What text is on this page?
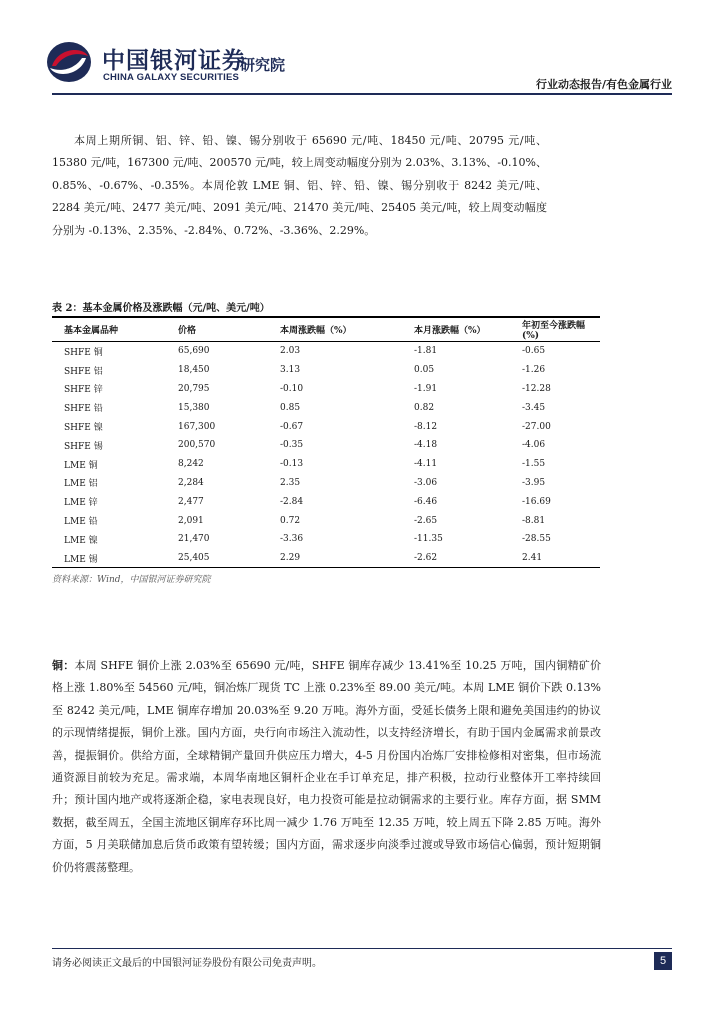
中国银河证券
CHINA GALAXY SECURITIES
研究院
行业动态报告/有色金属行业

本周上期所铜、铝、锌、铅、镍、锡分别收于 65690 元/吨、18450 元/吨、20795 元/吨、15380 元/吨，167300 元/吨、200570 元/吨，较上周变动幅度分别为 2.03%、3.13%、-0.10%、0.85%、-0.67%、-0.35%。本周伦敦 LME 铜、铝、锌、铅、镍、锡分别收于 8242 美元/吨、2284 美元/吨、2477 美元/吨、2091 美元/吨、21470 美元/吨、25405 美元/吨，较上周变动幅度分别为 -0.13%、2.35%、-2.84%、0.72%、-3.36%、2.29%。

表 2：基本金属价格及涨跌幅（元/吨、美元/吨）
基本金属品种	价格	本周涨跌幅（%）	本月涨跌幅（%）	年初至今涨跌幅(%)
SHFE 铜	65,690	2.03	-1.81	-0.65
SHFE 铝	18,450	3.13	0.05	-1.26
SHFE 锌	20,795	-0.10	-1.91	-12.28
SHFE 铅	15,380	0.85	0.82	-3.45
SHFE 镍	167,300	-0.67	-8.12	-27.00
SHFE 锡	200,570	-0.35	-4.18	-4.06
LME 铜	8,242	-0.13	-4.11	-1.55
LME 铝	2,284	2.35	-3.06	-3.95
LME 锌	2,477	-2.84	-6.46	-16.69
LME 铅	2,091	0.72	-2.65	-8.81
LME 镍	21,470	-3.36	-11.35	-28.55
LME 锡	25,405	2.29	-2.62	2.41
资料来源：Wind，中国银河证券研究院

铜：本周 SHFE 铜价上涨 2.03%至 65690 元/吨，SHFE 铜库存减少 13.41%至 10.25 万吨，国内铜精矿价格上涨 1.80%至 54560 元/吨，铜冶炼厂现货 TC 上涨 0.23%至 89.00 美元/吨。本周 LME 铜价下跌 0.13%至 8242 美元/吨，LME 铜库存增加 20.03%至 9.20 万吨。海外方面，受延长债务上限和避免美国违约的协议的示现情绪提振，铜价上涨。国内方面，央行向市场注入流动性，以支持经济增长，有助于国内金属需求前景改善，提振铜价。供给方面，全球精铜产量回升供应压力增大，4-5 月份国内冶炼厂安排检修相对密集，但市场流通资源目前较为充足。需求端，本周华南地区铜杆企业在手订单充足，排产积极，拉动行业整体开工率持续回升；预计国内地产或将逐渐企稳，家电表现良好，电力投资可能是拉动铜需求的主要行业。库存方面，据 SMM 数据，截至周五，全国主流地区铜库存环比周一减少 1.76 万吨至 12.35 万吨，较上周五下降 2.85 万吨。海外方面，5 月美联储加息后货币政策有望转缓；国内方面，需求逐步向淡季过渡或导致市场信心偏弱，预计短期铜价仍将震荡整理。

请务必阅读正文最后的中国银河证券股份有限公司免责声明。	5
